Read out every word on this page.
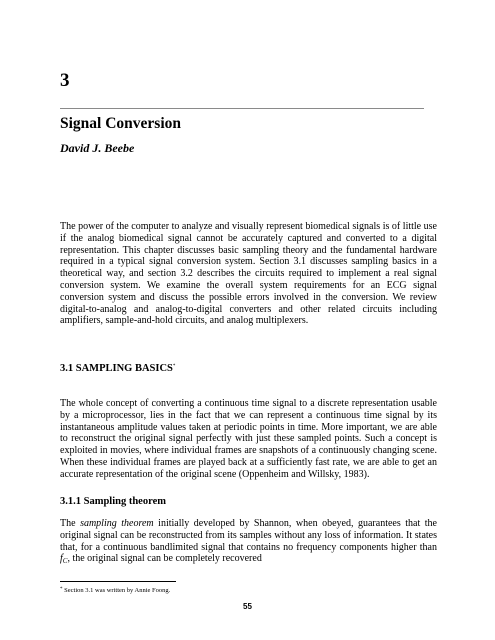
3
Signal Conversion
David J. Beebe

The power of the computer to analyze and visually represent biomedical signals is of little use if the analog biomedical signal cannot be accurately captured and converted to a digital representation. This chapter discusses basic sampling theory and the fundamental hardware required in a typical signal conversion system. Section 3.1 discusses sampling basics in a theoretical way, and section 3.2 describes the circuits required to implement a real signal conversion system. We examine the overall system requirements for an ECG signal conversion system and discuss the possible errors involved in the conversion. We review digital-to-analog and analog-to-digital converters and other related circuits including amplifiers, sample-and-hold circuits, and analog multiplexers.

3.1 SAMPLING BASICS*

The whole concept of converting a continuous time signal to a discrete representation usable by a microprocessor, lies in the fact that we can represent a continuous time signal by its instantaneous amplitude values taken at periodic points in time. More important, we are able to reconstruct the original signal perfectly with just these sampled points. Such a concept is exploited in movies, where individual frames are snapshots of a continuously changing scene. When these individual frames are played back at a sufficiently fast rate, we are able to get an accurate representation of the original scene (Oppenheim and Willsky, 1983).

3.1.1 Sampling theorem

The sampling theorem initially developed by Shannon, when obeyed, guarantees that the original signal can be reconstructed from its samples without any loss of information. It states that, for a continuous bandlimited signal that contains no frequency components higher than $f_C$, the original signal can be completely recovered

* Section 3.1 was written by Annie Foong.
55
